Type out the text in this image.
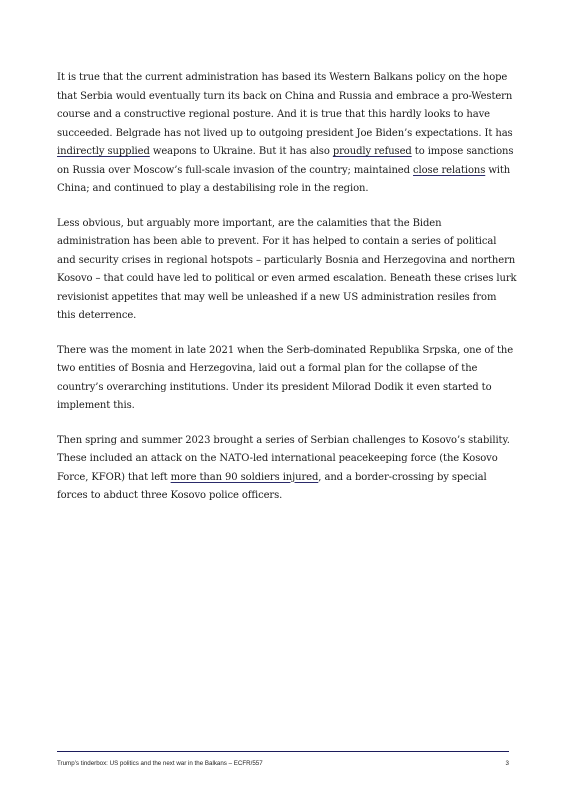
It is true that the current administration has based its Western Balkans policy on the hope that Serbia would eventually turn its back on China and Russia and embrace a pro-Western course and a constructive regional posture. And it is true that this hardly looks to have succeeded. Belgrade has not lived up to outgoing president Joe Biden’s expectations. It has indirectly supplied weapons to Ukraine. But it has also proudly refused to impose sanctions on Russia over Moscow’s full-scale invasion of the country; maintained close relations with China; and continued to play a destabilising role in the region.

Less obvious, but arguably more important, are the calamities that the Biden administration has been able to prevent. For it has helped to contain a series of political and security crises in regional hotspots – particularly Bosnia and Herzegovina and northern Kosovo – that could have led to political or even armed escalation. Beneath these crises lurk revisionist appetites that may well be unleashed if a new US administration resiles from this deterrence.

There was the moment in late 2021 when the Serb-dominated Republika Srpska, one of the two entities of Bosnia and Herzegovina, laid out a formal plan for the collapse of the country’s overarching institutions. Under its president Milorad Dodik it even started to implement this.

Then spring and summer 2023 brought a series of Serbian challenges to Kosovo’s stability. These included an attack on the NATO-led international peacekeeping force (the Kosovo Force, KFOR) that left more than 90 soldiers injured, and a border-crossing by special forces to abduct three Kosovo police officers.

Trump’s tinderbox: US politics and the next war in the Balkans – ECFR/557	3
